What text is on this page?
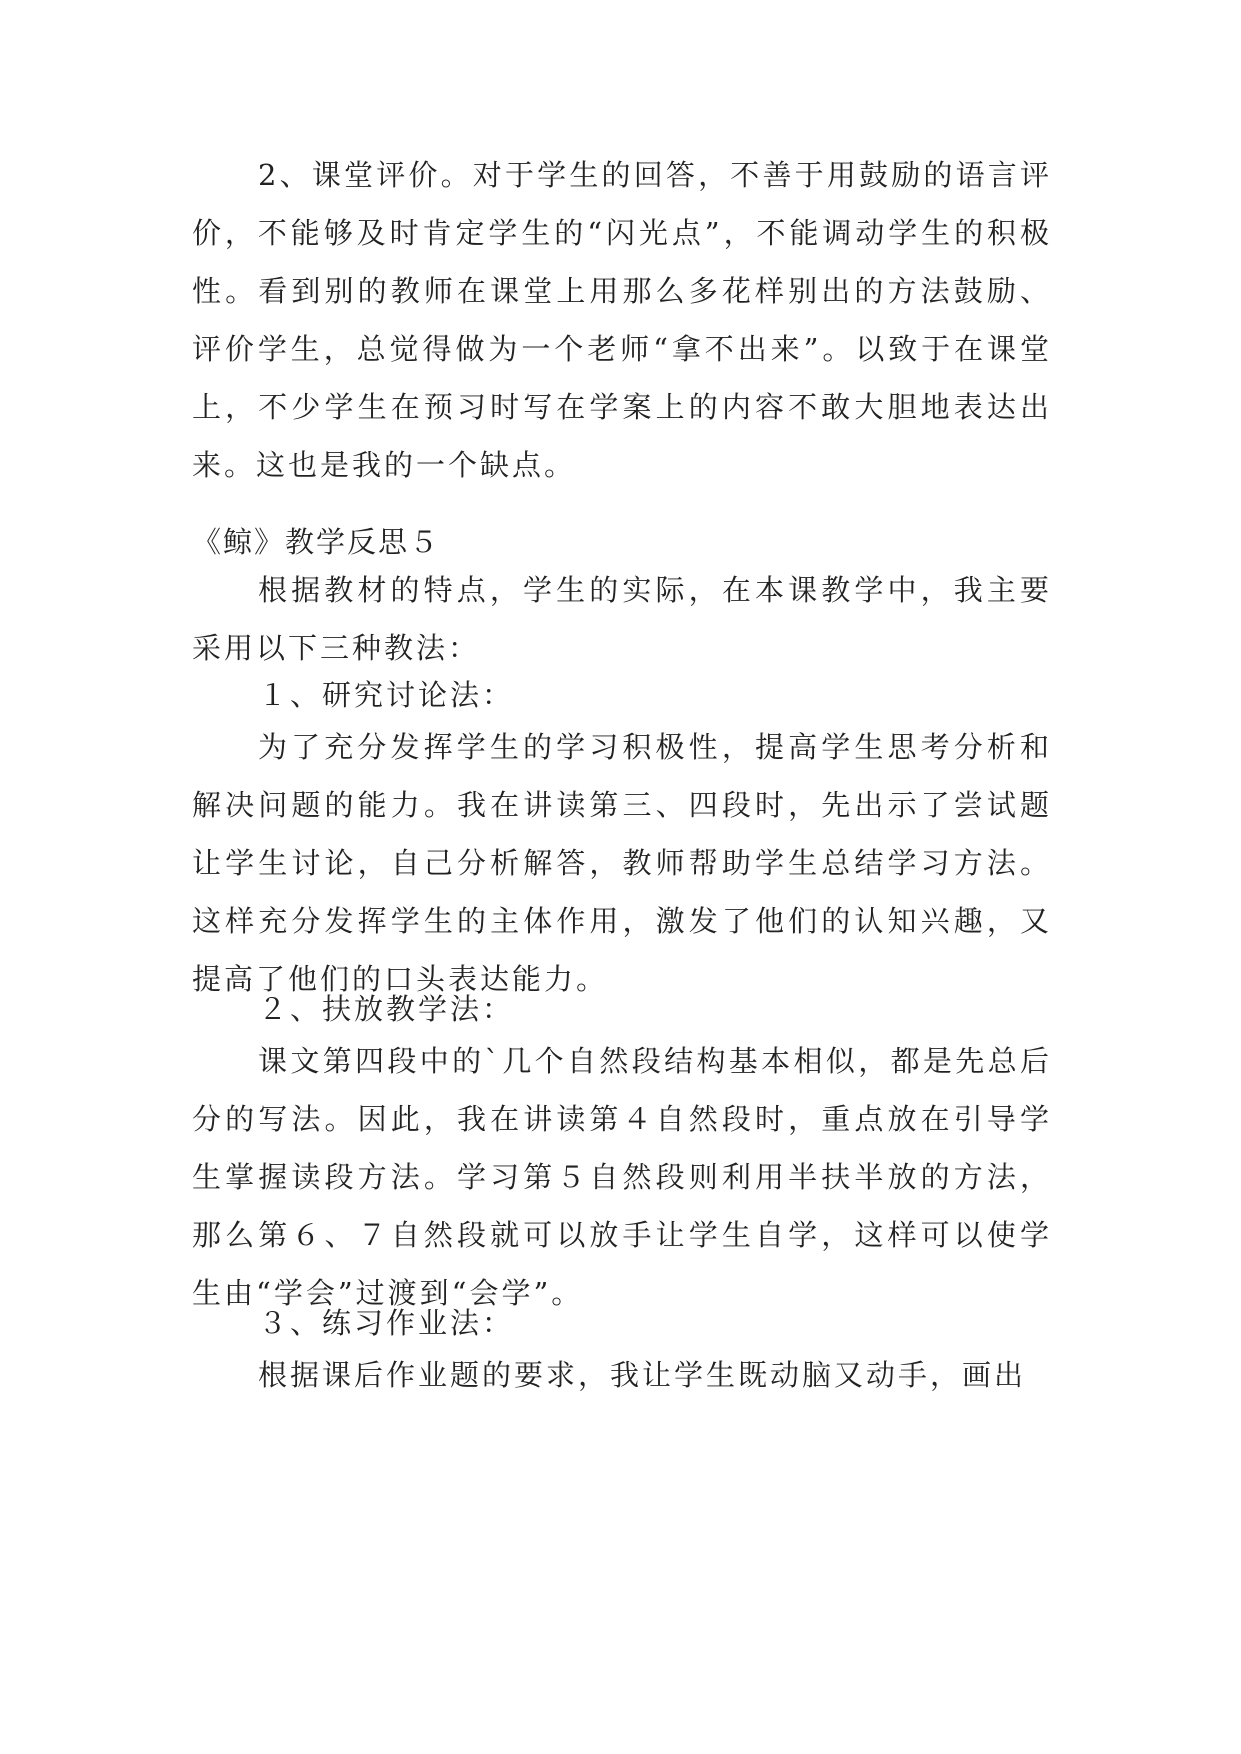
2、课堂评价。对于学生的回答，不善于用鼓励的语言评价，不能够及时肯定学生的“闪光点”，不能调动学生的积极性。看到别的教师在课堂上用那么多花样别出的方法鼓励、评价学生，总觉得做为一个老师“拿不出来”。以致于在课堂上，不少学生在预习时写在学案上的内容不敢大胆地表达出来。这也是我的一个缺点。

《鲸》教学反思５

根据教材的特点，学生的实际，在本课教学中，我主要采用以下三种教法：

１、研究讨论法：

为了充分发挥学生的学习积极性，提高学生思考分析和解决问题的能力。我在讲读第三、四段时，先出示了尝试题让学生讨论，自己分析解答，教师帮助学生总结学习方法。这样充分发挥学生的主体作用，激发了他们的认知兴趣，又提高了他们的口头表达能力。

２、扶放教学法：

课文第四段中的`几个自然段结构基本相似，都是先总后分的写法。因此，我在讲读第４自然段时，重点放在引导学生掌握读段方法。学习第５自然段则利用半扶半放的方法，那么第６、７自然段就可以放手让学生自学，这样可以使学生由“学会”过渡到“会学”。

３、练习作业法：

根据课后作业题的要求，我让学生既动脑又动手，画出
